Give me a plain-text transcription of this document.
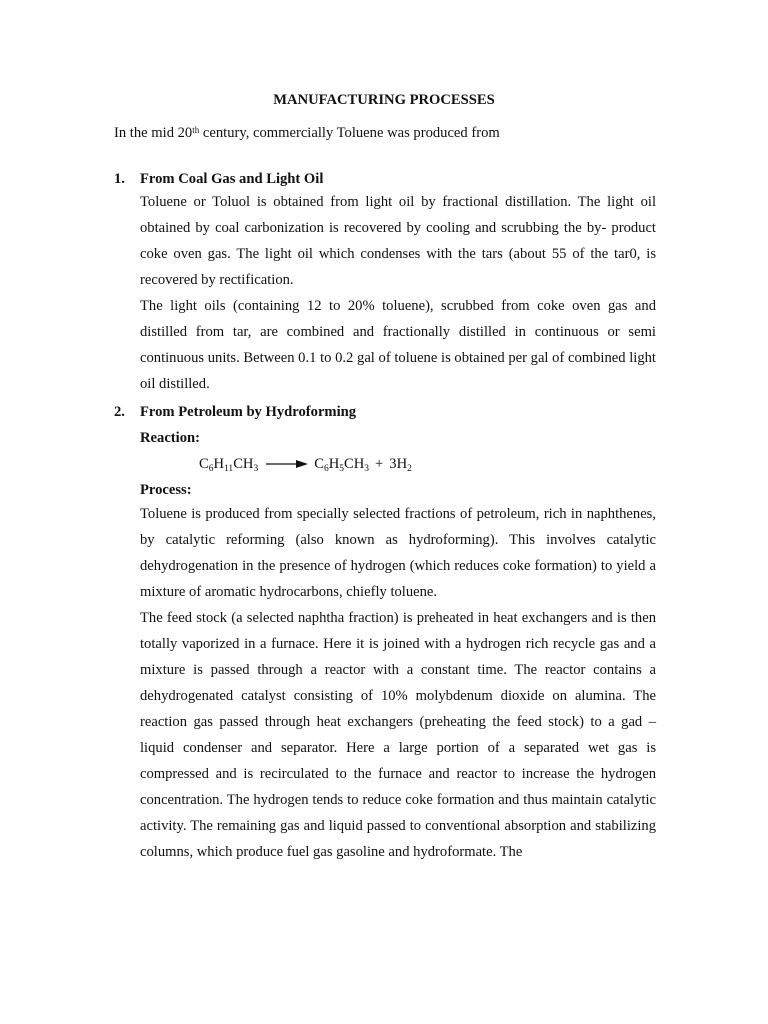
MANUFACTURING PROCESSES
In the mid 20th century, commercially Toluene was produced from
1. From Coal Gas and Light Oil

Toluene or Toluol is obtained from light oil by fractional distillation. The light oil obtained by coal carbonization is recovered by cooling and scrubbing the by- product coke oven gas. The light oil which condenses with the tars (about 55 of the tar0, is recovered by rectification.

The light oils (containing 12 to 20% toluene), scrubbed from coke oven gas and distilled from tar, are combined and fractionally distilled in continuous or semi continuous units. Between 0.1 to 0.2 gal of toluene is obtained per gal of combined light oil distilled.

2. From Petroleum by Hydroforming
Reaction:
$C_6H_{11}CH_3 \to C_6H_5CH_3 + 3H_2$
Process:

Toluene is produced from specially selected fractions of petroleum, rich in naphthenes, by catalytic reforming (also known as hydroforming). This involves catalytic dehydrogenation in the presence of hydrogen (which reduces coke formation) to yield a mixture of aromatic hydrocarbons, chiefly toluene.

The feed stock (a selected naphtha fraction) is preheated in heat exchangers and is then totally vaporized in a furnace. Here it is joined with a hydrogen rich recycle gas and a mixture is passed through a reactor with a constant time. The reactor contains a dehydrogenated catalyst consisting of 10% molybdenum dioxide on alumina. The reaction gas passed through heat exchangers (preheating the feed stock) to a gad – liquid condenser and separator. Here a large portion of a separated wet gas is compressed and is recirculated to the furnace and reactor to increase the hydrogen concentration. The hydrogen tends to reduce coke formation and thus maintain catalytic activity. The remaining gas and liquid passed to conventional absorption and stabilizing columns, which produce fuel gas gasoline and hydroformate. The
